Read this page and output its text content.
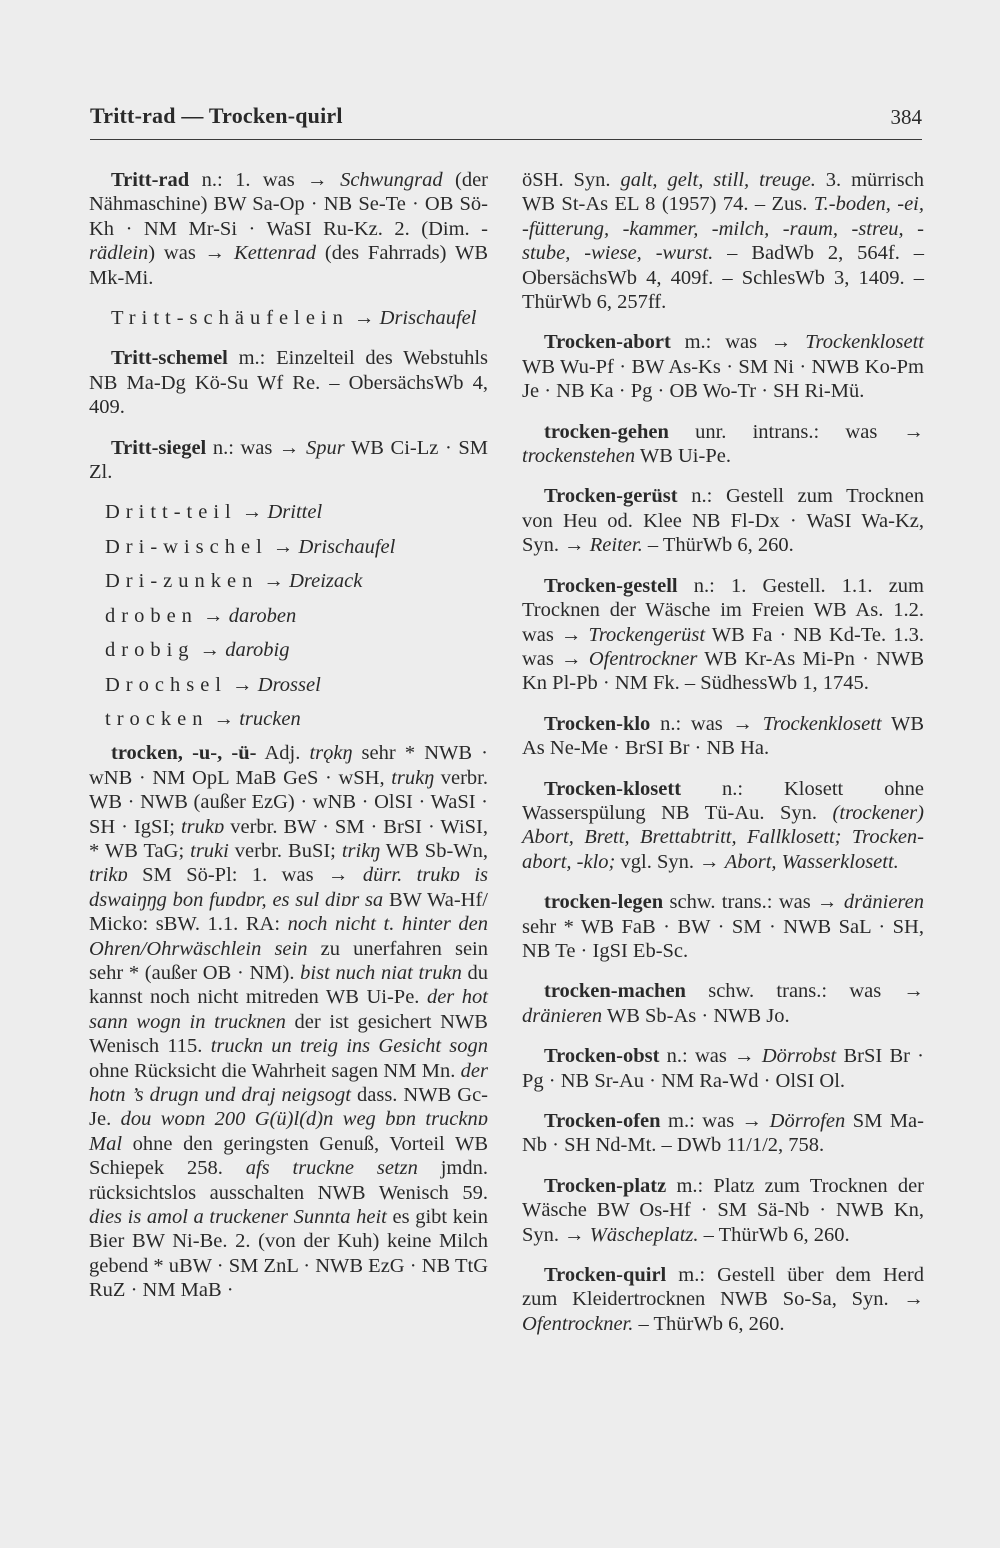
Tritt-rad — Trocken-quirl	384

Tritt-rad n.: 1. was → Schwungrad (der Nähmaschine) BW Sa-Op · NB Se-Te · OB Sö-Kh · NM Mr-Si · WaSI Ru-Kz. 2. (Dim. -rädlein) was → Kettenrad (des Fahrrads) WB Mk-Mi.

Tritt-schäufelein → Drischaufel

Tritt-schemel m.: Einzelteil des Webstuhls NB Ma-Dg Kö-Su Wf Re. – ObersächsWb 4, 409.

Tritt-siegel n.: was → Spur WB Ci-Lz · SM Zl.

Dritt-teil → Drittel

Dri-wischel → Drischaufel

Dri-zunken → Dreizack

droben → daroben

drobig → darobig

Drochsel → Drossel

trocken → trucken

trocken, -u-, -ü- Adj. trǫkŋ sehr * NWB · wNB · NM OpL MaB GeS · wSH, trukŋ verbr. WB · NWB (außer EzG) · wNB · OlSI · WaSI · SH · IgSI; trukɒ verbr. BW · SM · BrSI · WiSI, * WB TaG; truki verbr. BuSI; trikŋ WB Sb-Wn, trikɒ SM Sö-Pl: 1. was → dürr. trukɒ is dswaiŋŋg bon fuɒdɒr, es sul diɒr sa BW Wa-Hf/ Micko: sBW. 1.1. RA: noch nicht t. hinter den Ohren/Ohrwäschlein sein zu unerfahren sein sehr * (außer OB · NM). bist nuch niat trukn du kannst noch nicht mitreden WB Ui-Pe. der hot sann wogn in trucknen der ist gesichert NWB Wenisch 115. truckn un treig ins Gesicht sogn ohne Rücksicht die Wahrheit sagen NM Mn. der hotn ’s drugn und draj neigsogt dass. NWB Gc-Je. dou woɒn 200 G(ü)l(d)n weg bɒn trucknɒ Mal ohne den geringsten Genuß, Vorteil WB Schiepek 258. afs truckne setzn jmdn. rücksichtslos ausschalten NWB Wenisch 59. dies is amol a truckener Sunnta heit es gibt kein Bier BW Ni-Be. 2. (von der Kuh) keine Milch gebend * uBW · SM ZnL · NWB EzG · NB TtG RuZ · NM MaB ·

öSH. Syn. galt, gelt, still, treuge. 3. mürrisch WB St-As EL 8 (1957) 74. – Zus. T.-boden, -ei, -fütterung, -kammer, -milch, -raum, -streu, -stube, -wiese, -wurst. – BadWb 2, 564f. – ObersächsWb 4, 409f. – SchlesWb 3, 1409. – ThürWb 6, 257ff.

Trocken-abort m.: was → Trockenklosett WB Wu-Pf · BW As-Ks · SM Ni · NWB Ko-Pm Je · NB Ka · Pg · OB Wo-Tr · SH Ri-Mü.

trocken-gehen unr. intrans.: was → trockenstehen WB Ui-Pe.

Trocken-gerüst n.: Gestell zum Trocknen von Heu od. Klee NB Fl-Dx · WaSI Wa-Kz, Syn. → Reiter. – ThürWb 6, 260.

Trocken-gestell n.: 1. Gestell. 1.1. zum Trocknen der Wäsche im Freien WB As. 1.2. was → Trockengerüst WB Fa · NB Kd-Te. 1.3. was → Ofentrockner WB Kr-As Mi-Pn · NWB Kn Pl-Pb · NM Fk. – SüdhessWb 1, 1745.

Trocken-klo n.: was → Trockenklosett WB As Ne-Me · BrSI Br · NB Ha.

Trocken-klosett n.: Klosett ohne Wasserspülung NB Tü-Au. Syn. (trockener) Abort, Brett, Brettabtritt, Fallklosett; Trocken-abort, -klo; vgl. Syn. → Abort, Wasserklosett.

trocken-legen schw. trans.: was → dränieren sehr * WB FaB · BW · SM · NWB SaL · SH, NB Te · IgSI Eb-Sc.

trocken-machen schw. trans.: was → dränieren WB Sb-As · NWB Jo.

Trocken-obst n.: was → Dörrobst BrSI Br · Pg · NB Sr-Au · NM Ra-Wd · OlSI Ol.

Trocken-ofen m.: was → Dörrofen SM Ma-Nb · SH Nd-Mt. – DWb 11/1/2, 758.

Trocken-platz m.: Platz zum Trocknen der Wäsche BW Os-Hf · SM Sä-Nb · NWB Kn, Syn. → Wäscheplatz. – ThürWb 6, 260.

Trocken-quirl m.: Gestell über dem Herd zum Kleidertrocknen NWB So-Sa, Syn. → Ofentrockner. – ThürWb 6, 260.
